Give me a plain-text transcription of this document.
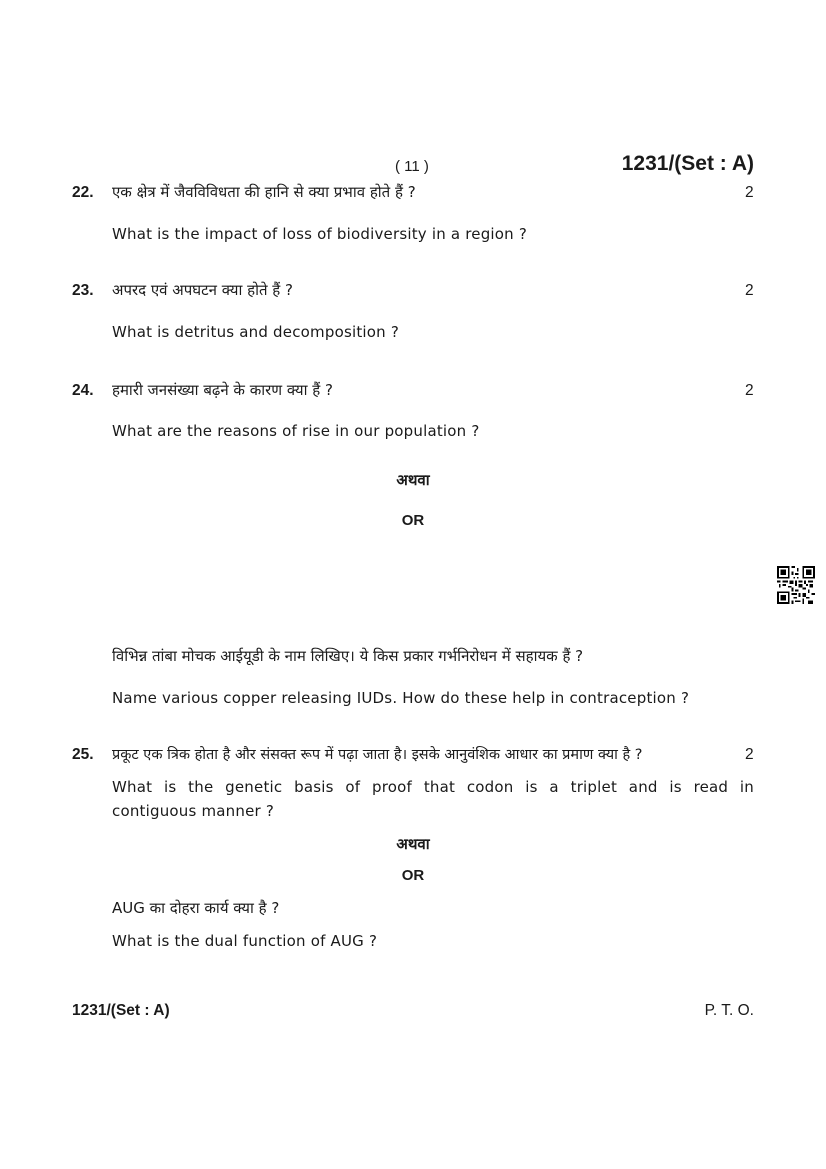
( 11 )	1231/(Set : A)
22. एक क्षेत्र में जैवविविधता की हानि से क्या प्रभाव होते हैं ?	2
What is the impact of loss of biodiversity in a region ?
23. अपरद एवं अपघटन क्या होते हैं ?	2
What is detritus and decomposition ?
24. हमारी जनसंख्या बढ़ने के कारण क्या हैं ?	2
What are the reasons of rise in our population ?
अथवा
OR
विभिन्न तांबा मोचक आईयूडी के नाम लिखिए। ये किस प्रकार गर्भनिरोधन में सहायक हैं ?
Name various copper releasing IUDs. How do these help in contraception ?
25. प्रकूट एक त्रिक होता है और संसक्त रूप में पढ़ा जाता है। इसके आनुवंशिक आधार का प्रमाण क्या है ?	2
What is the genetic basis of proof that codon is a triplet and is read in
contiguous manner ?
अथवा
OR
AUG का दोहरा कार्य क्या है ?
What is the dual function of AUG ?
1231/(Set : A)	P. T. O.
